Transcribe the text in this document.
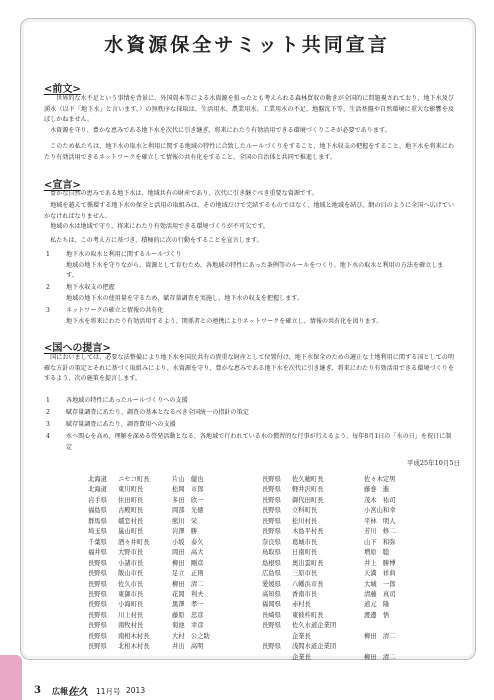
水資源保全サミット共同宣言
<前文>

世界的な水不足という事情を背景に、外国資本等による水資源を狙ったとも考えられる森林買収の動きが全国的に問題視されており、地下水及び湧水（以下「地下水」と言います。）の無秩序な採取は、生活用水、農業用水、工業用水の不足、地盤沈下等、生活基盤や自然環境に重大な影響を及ぼしかねません。

水資源を守り、豊かな恵みである地下水を次代に引き継ぎ、将来にわたり有効活用できる環境づくりこそが必要であります。

このため私たちは、地下水の取水と利用に関する地域の特性に合致したルールづくりをすること、地下水収支の把握をすること、地下水を将来にわたり有効活用できるネットワークを確立して情報の共有化をすること、全国の自治体と共同で推進します。

<宣言>

豊かな自然の恵みである地下水は、地域共有の財産であり、次代に引き継ぐべき重要な資源です。

地域を越えて循環する地下水の保全と活用の取組みは、その地域だけで完結するものではなく、地域と地域を結び、網の目のように全国へ広げていかなければなりません。

地域の水は地域で守り、将来にわたり有効活用できる環境づくりが不可欠です。

私たちは、この考え方に基づき、積極的に次の行動をすることを宣言します。

1	地下水の取水と利用に関するルールづくり
地域の地下水を守りながら、資源として育むため、各地域の特性にあった条例等のルールをつくり、地下水の取水と利用の方法を確立します。
2	地下水収支の把握
地域の地下水の使用量を守るため、賦存量調査を実施し、地下水の収支を把握します。
3	ネットワークの確立と情報の共有化
地下水を将来にわたり有効活用するよう、関係者との連携によりネットワークを確立し、情報の共有化を図ります。
<国への提言>

国においましては、必要な法整備により地下水を国民共有の貴重な財産として位置付け、地下水保全のための適正な土地利用に関する国としての明確な方針の策定とそれに基づく取組みにより、水資源を守り、豊かな恵みである地下水を次代に引き継ぎ、将来にわたり有効活用できる環境づくりをするよう、次の施策を提言します。

1	各地域の特性にあったルールづくりへの支援
2	賦存量調査にあたり、調査の基本となるべき全国統一の指針の策定
3	賦存量調査にあたり、調査費用への支援
4	水へ関心を高め、理解を深める啓発活動となる、各地域で行われている水の慣習的な行事が行えるよう、毎年8月1日の「水の日」を祝日に制定
平成25年10月5日
北海道	ニセコ町長	片山　健也
北海道	東川町長	松岡　市郎
岩手県	住田町長	多田　欣一
福島県	古殿町長	岡部　光徳
群馬県	嬬恋村長	熊川　栄
埼玉県	嵐山町長	岩澤　勝
千葉県	酒々井町長	小坂　泰久
福井県	大野市長	岡田　高大
長野県	小諸市長	柳田　剛彦
長野県	飯山市長	足立　正則
長野県	佐久市長	柳田　清二
長野県	東御市長	花岡　利夫
長野県	小海町長	黒澤　孝一
長野県	川上村長	藤原　忠彦
長野県	南牧村長	菊池　幸彦
長野県	南相木村長	大村　公之助
長野県	北相木村長	井出　高明
長野県	佐久穂町長	佐々木定男
長野県	軽井沢町長	藤巻　進
長野県	御代田町長	茂木　祐司
長野県	立科町長	小宮山和幸
長野県	松川村長	平林　明人
長野県	木島平村長	芳川　修二
奈良県	葛城市長	山下　和弥
鳥取県	日南町長	増原　聡
島根県	奥出雲町長	井上　勝博
広島県	三原市長	天満　祥典
愛媛県	八幡浜市長	大城　一郎
高知県	香南市長	清藤　真司
福岡県	赤村長	道元　隆
長崎県	東彼杵町長	渡邊　悟
長野県	佐久水道企業団
企業長	柳田　清二
長野県	浅間水道企業団
企業長	柳田　清二
3 広報 佐久 11月号 2013
